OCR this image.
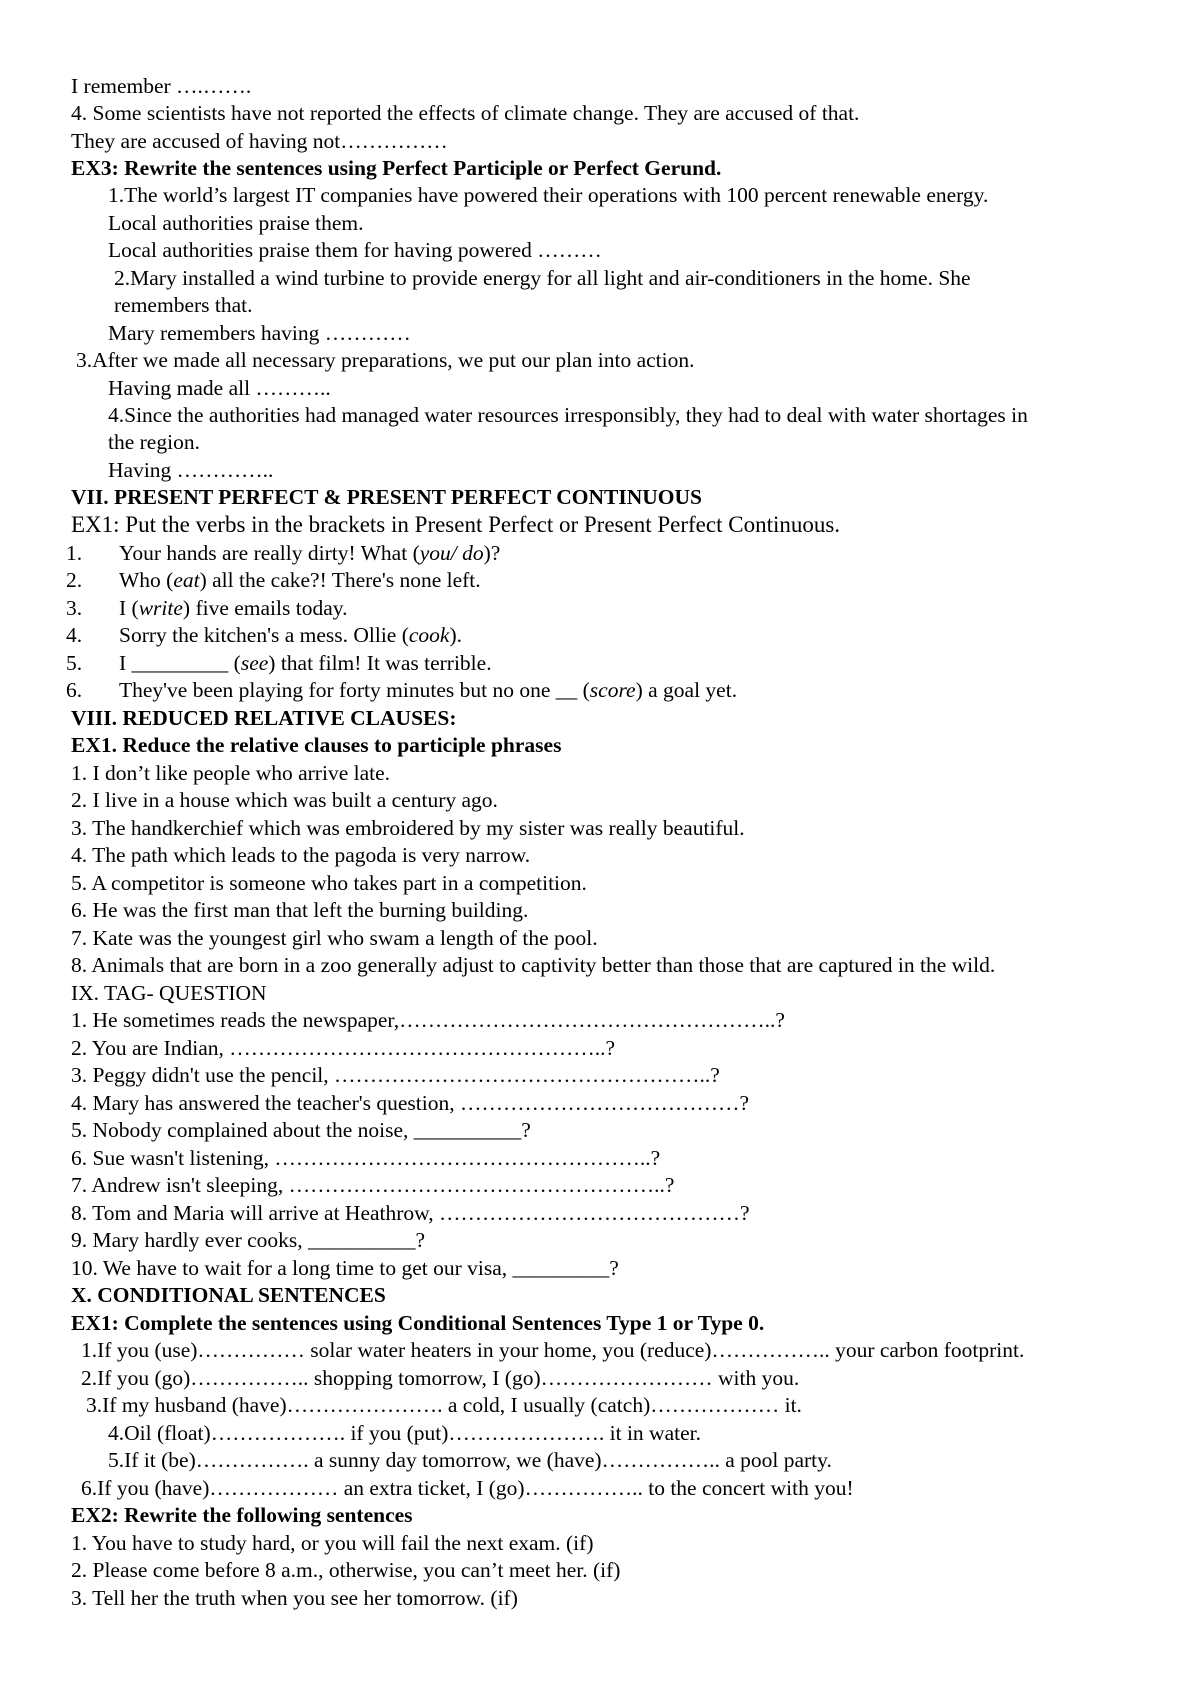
I remember ….…….
4. Some scientists have not reported the effects of climate change. They are accused of that.
They are accused of having not……………
EX3: Rewrite the sentences using Perfect Participle or Perfect Gerund.
1.The world’s largest IT companies have powered their operations with 100 percent renewable energy.
Local authorities praise them.
Local authorities praise them for having powered ………
2.Mary installed a wind turbine to provide energy for all light and air-conditioners in the home. She
remembers that.
Mary remembers having …………
3.After we made all necessary preparations, we put our plan into action.
Having made all ………..
4.Since the authorities had managed water resources irresponsibly, they had to deal with water shortages in
the region.
Having …………..
VII. PRESENT PERFECT & PRESENT PERFECT CONTINUOUS
EX1: Put the verbs in the brackets in Present Perfect or Present Perfect Continuous.
1. Your hands are really dirty! What (you/ do)?
2. Who (eat) all the cake?! There's none left.
3. I (write) five emails today.
4. Sorry the kitchen's a mess. Ollie (cook).
5. I _________ (see) that film! It was terrible.
6. They've been playing for forty minutes but no one __ (score) a goal yet.
VIII. REDUCED RELATIVE CLAUSES:
EX1. Reduce the relative clauses to participle phrases
1. I don’t like people who arrive late.
2. I live in a house which was built a century ago.
3. The handkerchief which was embroidered by my sister was really beautiful.
4. The path which leads to the pagoda is very narrow.
5. A competitor is someone who takes part in a competition.
6. He was the first man that left the burning building.
7. Kate was the youngest girl who swam a length of the pool.
8. Animals that are born in a zoo generally adjust to captivity better than those that are captured in the wild.
IX. TAG- QUESTION
1. He sometimes reads the newspaper,……………………………………………..?
2. You are Indian, ……………………………………………..?
3. Peggy didn't use the pencil, ……………………………………………..?
4. Mary has answered the teacher's question, …………………………………?
5. Nobody complained about the noise, __________?
6. Sue wasn't listening, ……………………………………………..?
7. Andrew isn't sleeping, ……………………………………………..?
8. Tom and Maria will arrive at Heathrow, ……………………………………?
9. Mary hardly ever cooks, __________?
10. We have to wait for a long time to get our visa, _________?
X. CONDITIONAL SENTENCES
EX1: Complete the sentences using Conditional Sentences Type 1 or Type 0.
1.If you (use)…………… solar water heaters in your home, you (reduce)…………….. your carbon footprint.
2.If you (go)…………….. shopping tomorrow, I (go)…………………… with you.
3.If my husband (have)…………………. a cold, I usually (catch)……………… it.
4.Oil (float)………………. if you (put)…………………. it in water.
5.If it (be)……………. a sunny day tomorrow, we (have)…………….. a pool party.
6.If you (have)……………… an extra ticket, I (go)…………….. to the concert with you!
EX2: Rewrite the following sentences
1. You have to study hard, or you will fail the next exam. (if)
2. Please come before 8 a.m., otherwise, you can’t meet her. (if)
3. Tell her the truth when you see her tomorrow. (if)
